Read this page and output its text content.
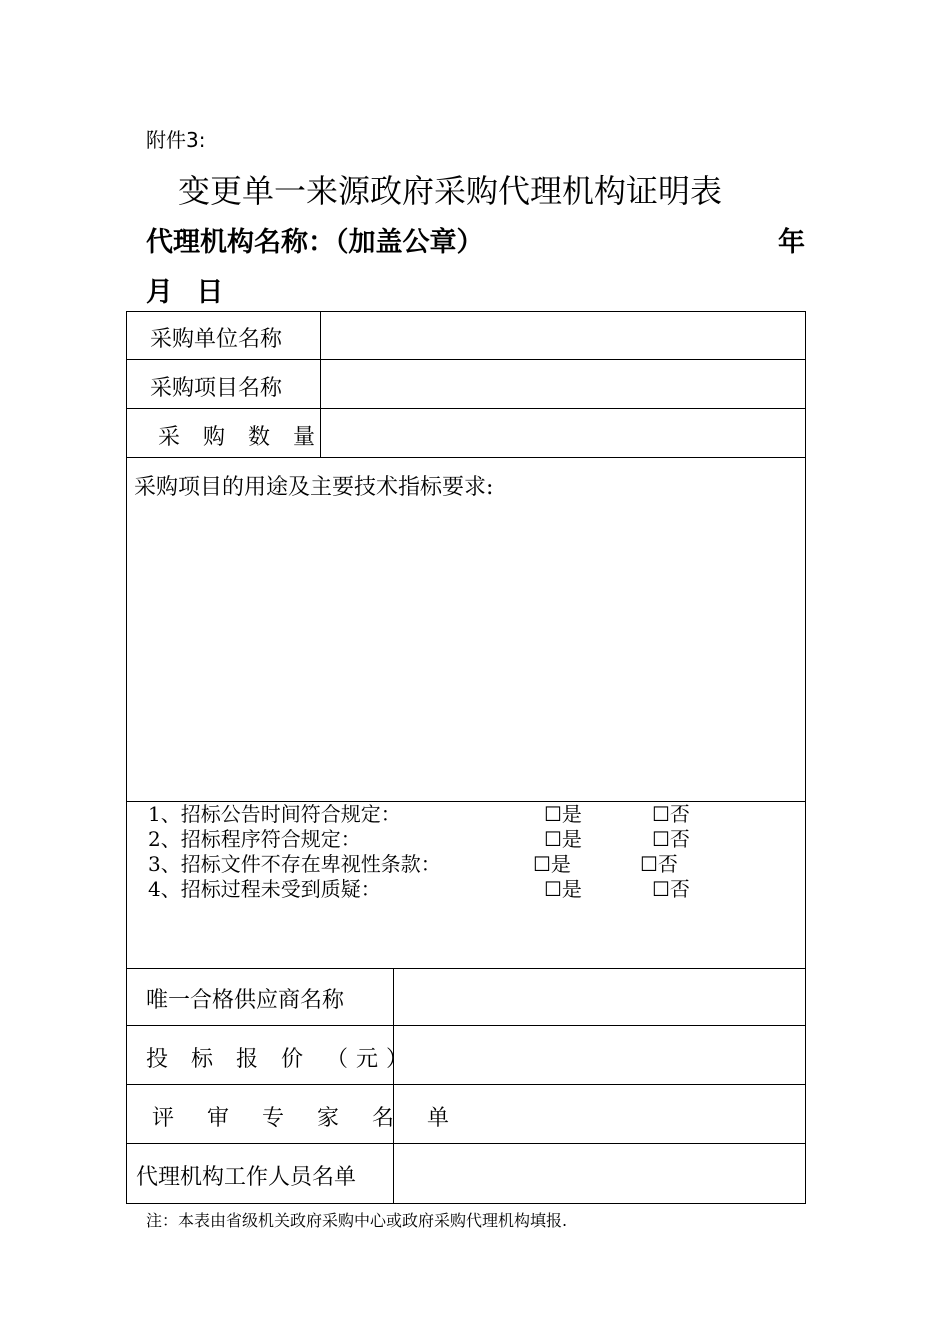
附件3:
变更单一来源政府采购代理机构证明表
代理机构名称：（加盖公章）	年
月 日
采购单位名称
采购项目名称
采 购 数 量
采购项目的用途及主要技术指标要求:
1、招标公告时间符合规定：	☐是	☐否
2、招标程序符合规定：	☐是	☐否
3、招标文件不存在卑视性条款：	☐是	☐否
4、招标过程未受到质疑：	☐是	☐否
唯一合格供应商名称
投 标 报 价 （元）
评 审 专 家 名 单
代理机构工作人员名单
注：本表由省级机关政府采购中心或政府采购代理机构填报.
